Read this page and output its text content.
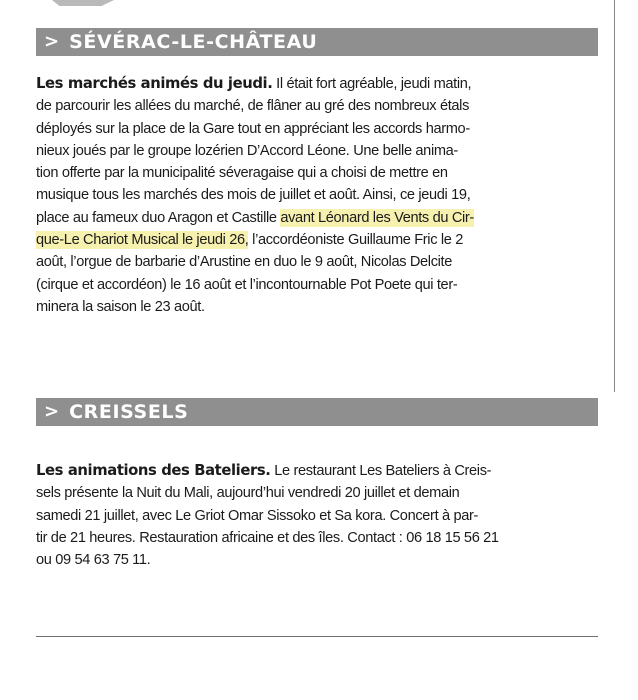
> SÉVÉRAC-LE-CHÂTEAU
Les marchés animés du jeudi. Il était fort agréable, jeudi matin,
de parcourir les allées du marché, de flâner au gré des nombreux étals
déployés sur la place de la Gare tout en appréciant les accords harmo-
nieux joués par le groupe lozérien D’Accord Léone. Une belle anima-
tion offerte par la municipalité séveragaise qui a choisi de mettre en
musique tous les marchés des mois de juillet et août. Ainsi, ce jeudi 19,
place au fameux duo Aragon et Castille avant Léonard les Vents du Cir-
que-Le Chariot Musical le jeudi 26, l’accordéoniste Guillaume Fric le 2
août, l’orgue de barbarie d’Arustine en duo le 9 août, Nicolas Delcite
(cirque et accordéon) le 16 août et l’incontournable Pot Poete qui ter-
minera la saison le 23 août.
> CREISSELS
Les animations des Bateliers. Le restaurant Les Bateliers à Creis-
sels présente la Nuit du Mali, aujourd’hui vendredi 20 juillet et demain
samedi 21 juillet, avec Le Griot Omar Sissoko et Sa kora. Concert à par-
tir de 21 heures. Restauration africaine et des îles. Contact : 06 18 15 56 21
ou 09 54 63 75 11.
